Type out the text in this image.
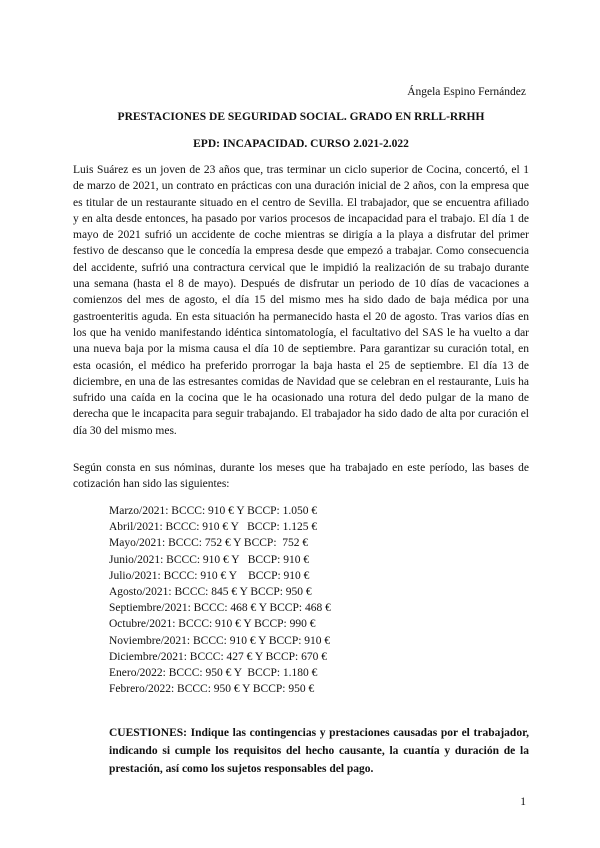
Ángela Espino Fernández
PRESTACIONES DE SEGURIDAD SOCIAL. GRADO EN RRLL-RRHH
EPD: INCAPACIDAD. CURSO 2.021-2.022

Luis Suárez es un joven de 23 años que, tras terminar un ciclo superior de Cocina, concertó, el 1 de marzo de 2021, un contrato en prácticas con una duración inicial de 2 años, con la empresa que es titular de un restaurante situado en el centro de Sevilla. El trabajador, que se encuentra afiliado y en alta desde entonces, ha pasado por varios procesos de incapacidad para el trabajo. El día 1 de mayo de 2021 sufrió un accidente de coche mientras se dirigía a la playa a disfrutar del primer festivo de descanso que le concedía la empresa desde que empezó a trabajar. Como consecuencia del accidente, sufrió una contractura cervical que le impidió la realización de su trabajo durante una semana (hasta el 8 de mayo). Después de disfrutar un periodo de 10 días de vacaciones a comienzos del mes de agosto, el día 15 del mismo mes ha sido dado de baja médica por una gastroenteritis aguda. En esta situación ha permanecido hasta el 20 de agosto. Tras varios días en los que ha venido manifestando idéntica sintomatología, el facultativo del SAS le ha vuelto a dar una nueva baja por la misma causa el día 10 de septiembre. Para garantizar su curación total, en esta ocasión, el médico ha preferido prorrogar la baja hasta el 25 de septiembre. El día 13 de diciembre, en una de las estresantes comidas de Navidad que se celebran en el restaurante, Luis ha sufrido una caída en la cocina que le ha ocasionado una rotura del dedo pulgar de la mano de derecha que le incapacita para seguir trabajando. El trabajador ha sido dado de alta por curación el día 30 del mismo mes.

Según consta en sus nóminas, durante los meses que ha trabajado en este período, las bases de cotización han sido las siguientes:

Marzo/2021: BCCC: 910 € Y BCCP: 1.050 €
Abril/2021: BCCC: 910 € Y   BCCP: 1.125 €
Mayo/2021: BCCC: 752 € Y BCCP:  752 €
Junio/2021: BCCC: 910 € Y   BCCP: 910 €
Julio/2021: BCCC: 910 € Y    BCCP: 910 €
Agosto/2021: BCCC: 845 € Y BCCP: 950 €
Septiembre/2021: BCCC: 468 € Y BCCP: 468 €
Octubre/2021: BCCC: 910 € Y BCCP: 990 €
Noviembre/2021: BCCC: 910 € Y BCCP: 910 €
Diciembre/2021: BCCC: 427 € Y BCCP: 670 €
Enero/2022: BCCC: 950 € Y  BCCP: 1.180 €
Febrero/2022: BCCC: 950 € Y BCCP: 950 €

CUESTIONES: Indique las contingencias y prestaciones causadas por el trabajador, indicando si cumple los requisitos del hecho causante, la cuantía y duración de la prestación, así como los sujetos responsables del pago.

1
